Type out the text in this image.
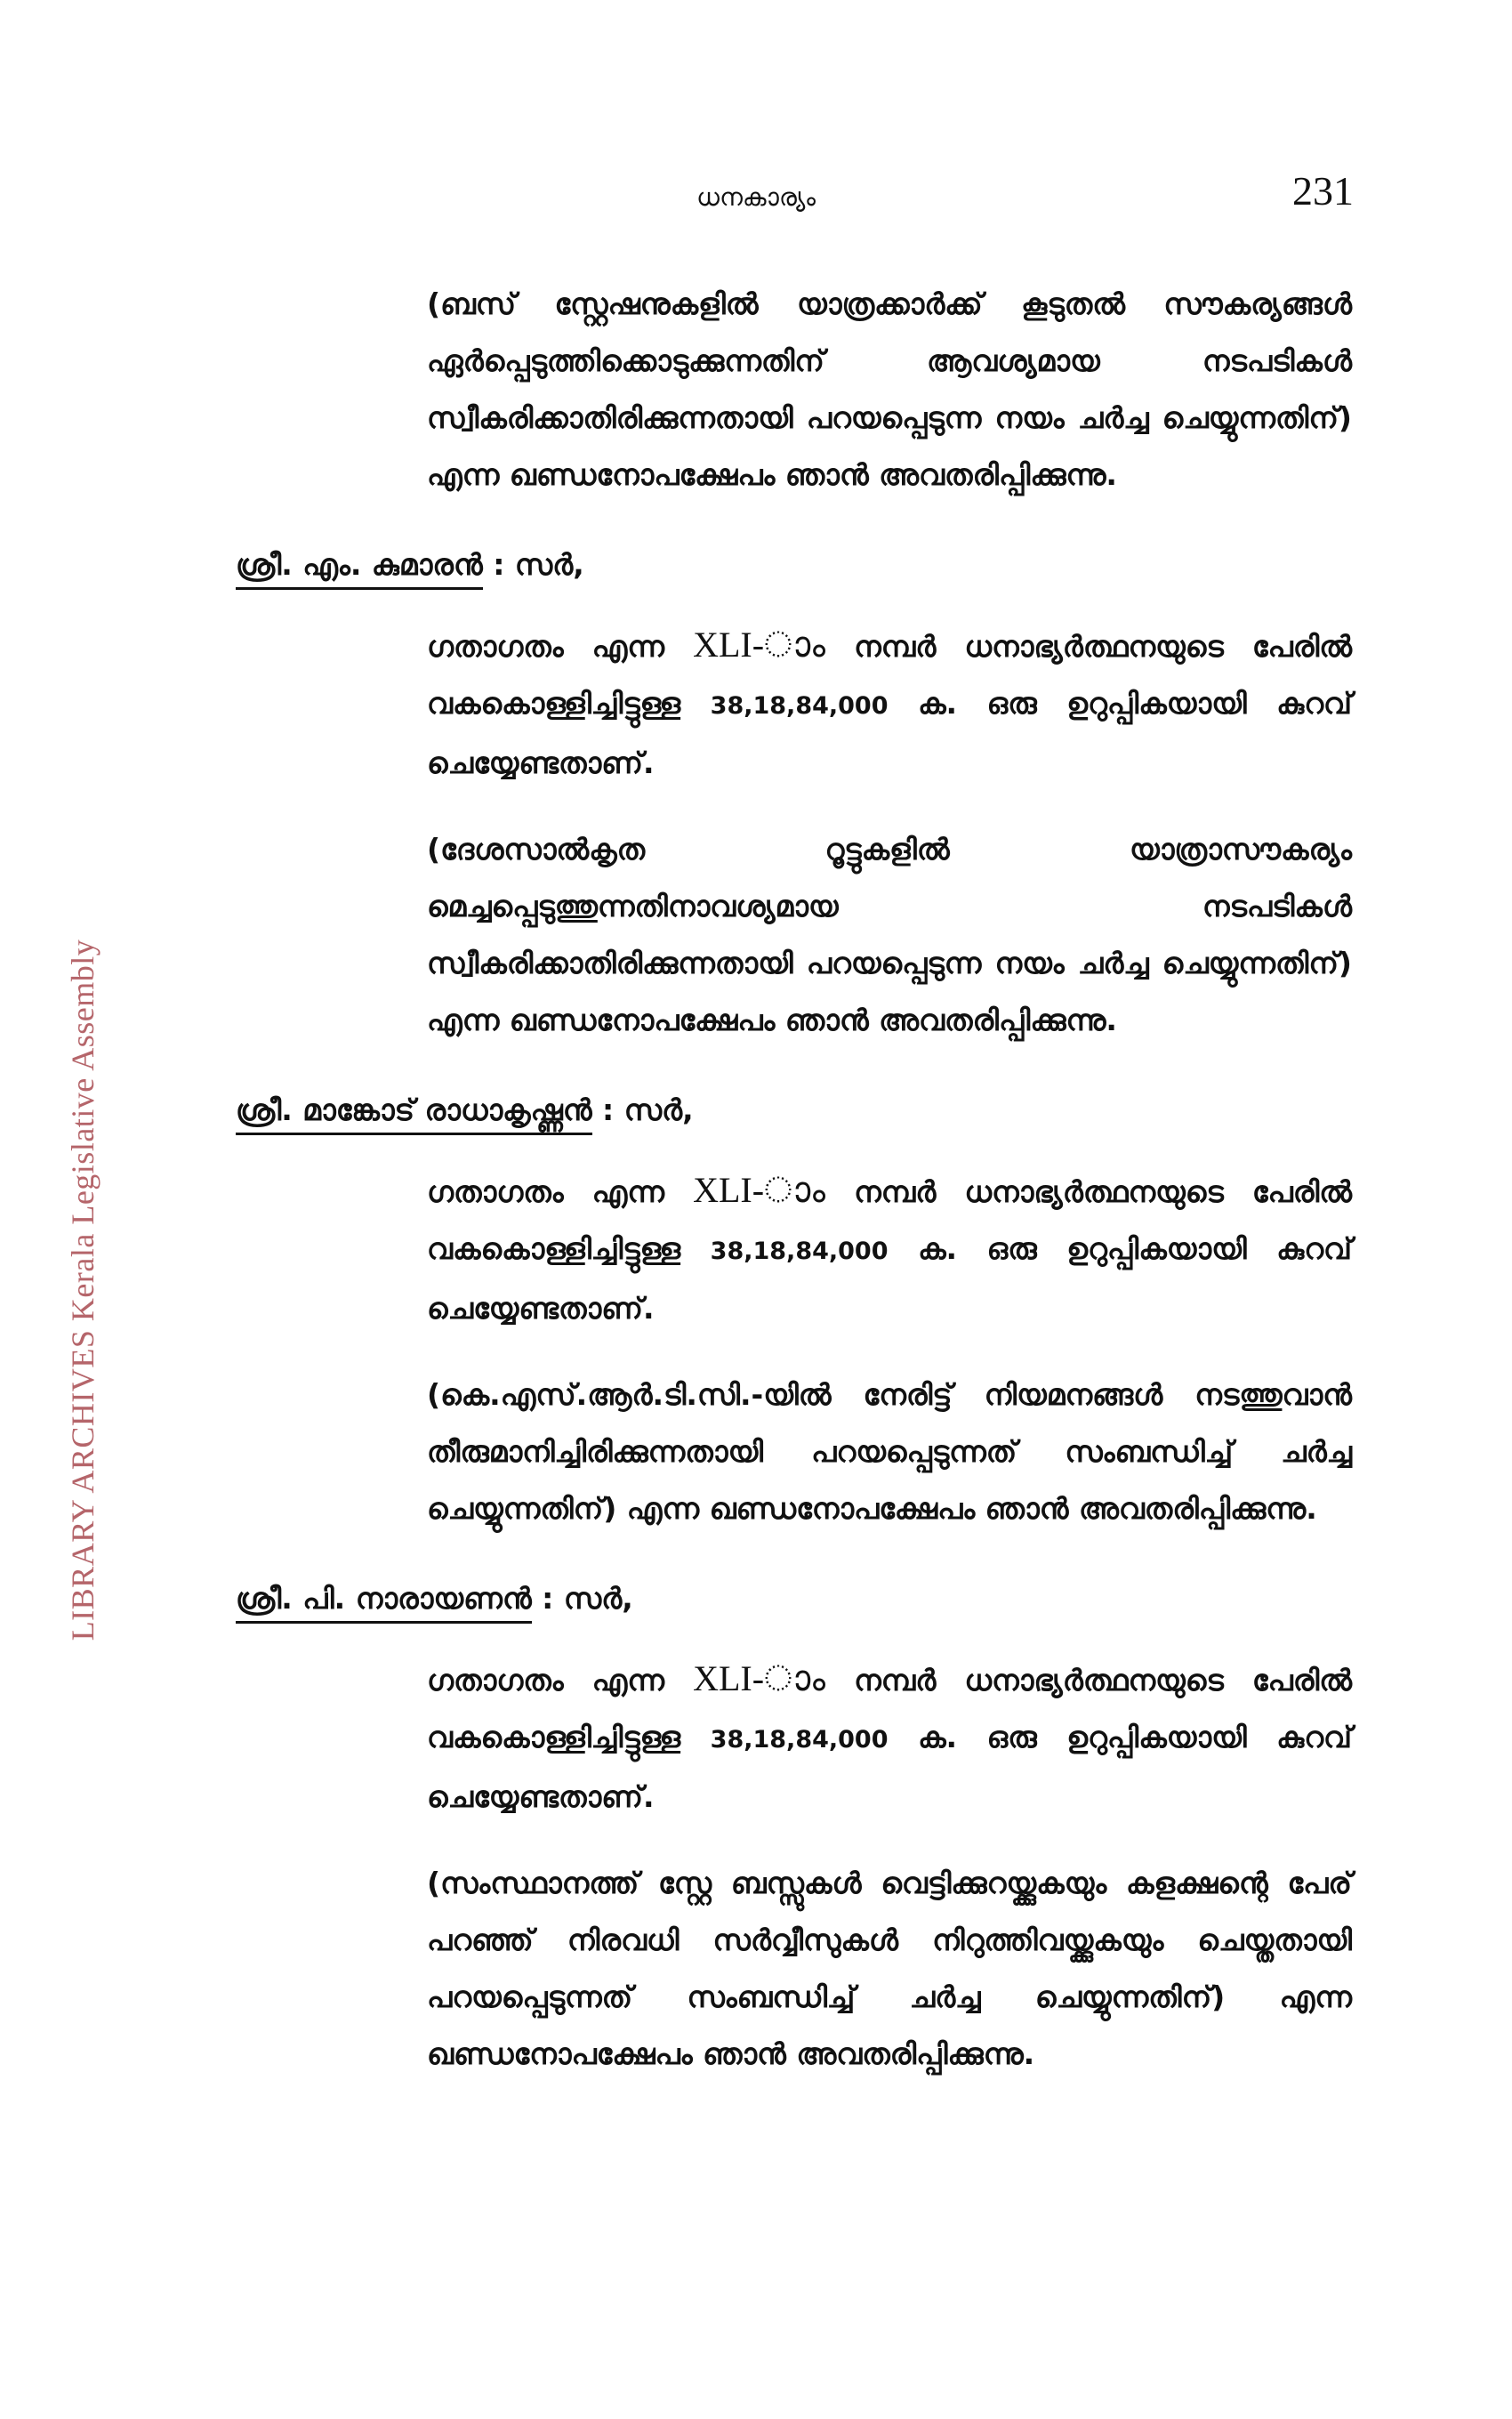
ധനകാര്യം	231
LIBRARY ARCHIVES Kerala Legislative Assembly

(ബസ് സ്റ്റേഷനുകളിൽ യാത്രക്കാർക്ക് കൂടുതൽ സൗകര്യങ്ങൾ ഏർപ്പെടുത്തിക്കൊടുക്കുന്നതിന് ആവശ്യമായ നടപടികൾ സ്വീകരിക്കാതിരിക്കുന്നതായി പറയപ്പെടുന്ന നയം ചർച്ച ചെയ്യുന്നതിന്) എന്ന ഖണ്ഡനോപക്ഷേപം ഞാൻ അവതരിപ്പിക്കുന്നു.

ശ്രീ. എം. കുമാരൻ : സർ,

ഗതാഗതം എന്ന XLI-ാം നമ്പർ ധനാഭ്യർത്ഥനയുടെ പേരിൽ വകകൊള്ളിച്ചിട്ടുള്ള 38,18,84,000 ക. ഒരു ഉറുപ്പികയായി കുറവ് ചെയ്യേണ്ടതാണ്.

(ദേശസാൽകൃത റൂട്ടുകളിൽ യാത്രാസൗകര്യം മെച്ചപ്പെടുത്തുന്നതിനാവശ്യമായ നടപടികൾ സ്വീകരിക്കാതിരിക്കുന്നതായി പറയപ്പെടുന്ന നയം ചർച്ച ചെയ്യുന്നതിന്) എന്ന ഖണ്ഡനോപക്ഷേപം ഞാൻ അവതരിപ്പിക്കുന്നു.

ശ്രീ. മാങ്കോട് രാധാകൃഷ്ണൻ : സർ,

ഗതാഗതം എന്ന XLI-ാം നമ്പർ ധനാഭ്യർത്ഥനയുടെ പേരിൽ വകകൊള്ളിച്ചിട്ടുള്ള 38,18,84,000 ക. ഒരു ഉറുപ്പികയായി കുറവ് ചെയ്യേണ്ടതാണ്.

(കെ.എസ്.ആർ.ടി.സി.-യിൽ നേരിട്ട് നിയമനങ്ങൾ നടത്തുവാൻ തീരുമാനിച്ചിരിക്കുന്നതായി പറയപ്പെടുന്നത് സംബന്ധിച്ച് ചർച്ച ചെയ്യുന്നതിന്) എന്ന ഖണ്ഡനോപക്ഷേപം ഞാൻ അവതരിപ്പിക്കുന്നു.

ശ്രീ. പി. നാരായണൻ : സർ,

ഗതാഗതം എന്ന XLI-ാം നമ്പർ ധനാഭ്യർത്ഥനയുടെ പേരിൽ വകകൊള്ളിച്ചിട്ടുള്ള 38,18,84,000 ക. ഒരു ഉറുപ്പികയായി കുറവ് ചെയ്യേണ്ടതാണ്.

(സംസ്ഥാനത്ത് സ്റ്റേ ബസ്സുകൾ വെട്ടിക്കുറയ്ക്കുകയും കളക്ഷന്റെ പേര് പറഞ്ഞ് നിരവധി സർവ്വീസുകൾ നിറുത്തിവയ്ക്കുകയും ചെയ്തതായി പറയപ്പെടുന്നത് സംബന്ധിച്ച് ചർച്ച ചെയ്യുന്നതിന്) എന്ന ഖണ്ഡനോപക്ഷേപം ഞാൻ അവതരിപ്പിക്കുന്നു.
